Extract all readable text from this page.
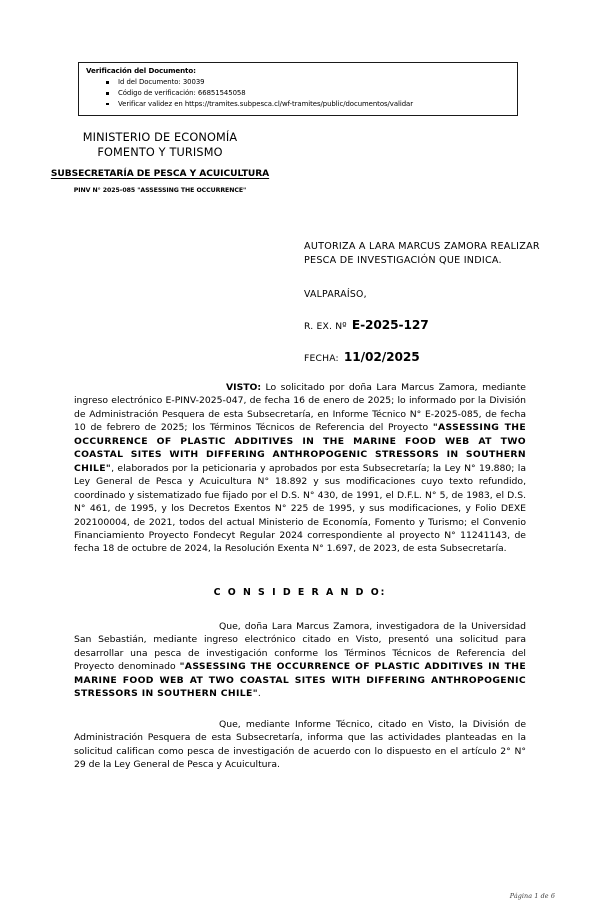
Verificación del Documento:
Id del Documento: 30039
Código de verificación: 66851545058
Verificar validez en https://tramites.subpesca.cl/wf-tramites/public/documentos/validar
MINISTERIO DE ECONOMÍA
FOMENTO Y TURISMO
SUBSECRETARÍA DE PESCA Y ACUICULTURA
PINV N° 2025-085 "ASSESSING THE OCCURRENCE"
AUTORIZA A LARA MARCUS ZAMORA REALIZAR PESCA DE INVESTIGACIÓN QUE INDICA.
VALPARAÍSO,
R. EX. Nº E-2025-127
FECHA: 11/02/2025

VISTO: Lo solicitado por doña Lara Marcus Zamora, mediante ingreso electrónico E-PINV-2025-047, de fecha 16 de enero de 2025; lo informado por la División de Administración Pesquera de esta Subsecretaría, en Informe Técnico N° E-2025-085, de fecha 10 de febrero de 2025; los Términos Técnicos de Referencia del Proyecto "ASSESSING THE OCCURRENCE OF PLASTIC ADDITIVES IN THE MARINE FOOD WEB AT TWO COASTAL SITES WITH DIFFERING ANTHROPOGENIC STRESSORS IN SOUTHERN CHILE", elaborados por la peticionaria y aprobados por esta Subsecretaría; la Ley N° 19.880; la Ley General de Pesca y Acuicultura N° 18.892 y sus modificaciones cuyo texto refundido, coordinado y sistematizado fue fijado por el D.S. N° 430, de 1991, el D.F.L. N° 5, de 1983, el D.S. N° 461, de 1995, y los Decretos Exentos N° 225 de 1995, y sus modificaciones, y Folio DEXE 202100004, de 2021, todos del actual Ministerio de Economía, Fomento y Turismo; el Convenio Financiamiento Proyecto Fondecyt Regular 2024 correspondiente al proyecto N° 11241143, de fecha 18 de octubre de 2024, la Resolución Exenta N° 1.697, de 2023, de esta Subsecretaría.

C O N S I D E R A N D O:

Que, doña Lara Marcus Zamora, investigadora de la Universidad San Sebastián, mediante ingreso electrónico citado en Visto, presentó una solicitud para desarrollar una pesca de investigación conforme los Términos Técnicos de Referencia del Proyecto denominado "ASSESSING THE OCCURRENCE OF PLASTIC ADDITIVES IN THE MARINE FOOD WEB AT TWO COASTAL SITES WITH DIFFERING ANTHROPOGENIC STRESSORS IN SOUTHERN CHILE".

Que, mediante Informe Técnico, citado en Visto, la División de Administración Pesquera de esta Subsecretaría, informa que las actividades planteadas en la solicitud califican como pesca de investigación de acuerdo con lo dispuesto en el artículo 2° N° 29 de la Ley General de Pesca y Acuicultura.

Página 1 de 6
